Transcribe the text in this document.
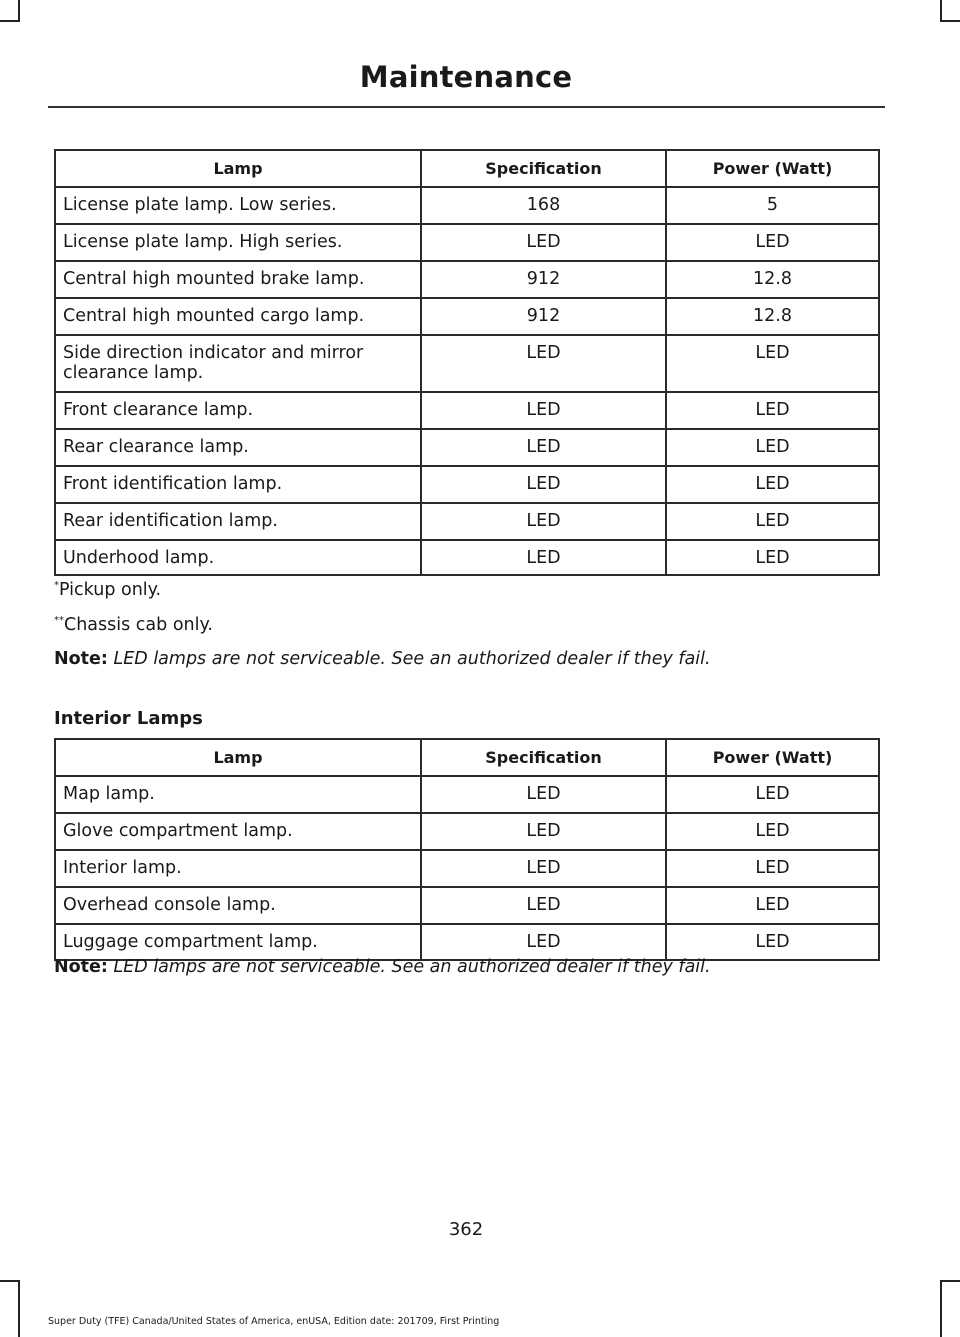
Maintenance
Lamp	Specification	Power (Watt)
License plate lamp. Low series.	168	5
License plate lamp. High series.	LED	LED
Central high mounted brake lamp.	912	12.8
Central high mounted cargo lamp.	912	12.8
Side direction indicator and mirror clearance lamp.	LED	LED
Front clearance lamp.	LED	LED
Rear clearance lamp.	LED	LED
Front identification lamp.	LED	LED
Rear identification lamp.	LED	LED
Underhood lamp.	LED	LED
*Pickup only.
**Chassis cab only.
Note: LED lamps are not serviceable. See an authorized dealer if they fail.
Interior Lamps
Lamp	Specification	Power (Watt)
Map lamp.	LED	LED
Glove compartment lamp.	LED	LED
Interior lamp.	LED	LED
Overhead console lamp.	LED	LED
Luggage compartment lamp.	LED	LED
Note: LED lamps are not serviceable. See an authorized dealer if they fail.
362
Super Duty (TFE) Canada/United States of America, enUSA, Edition date: 201709, First Printing
